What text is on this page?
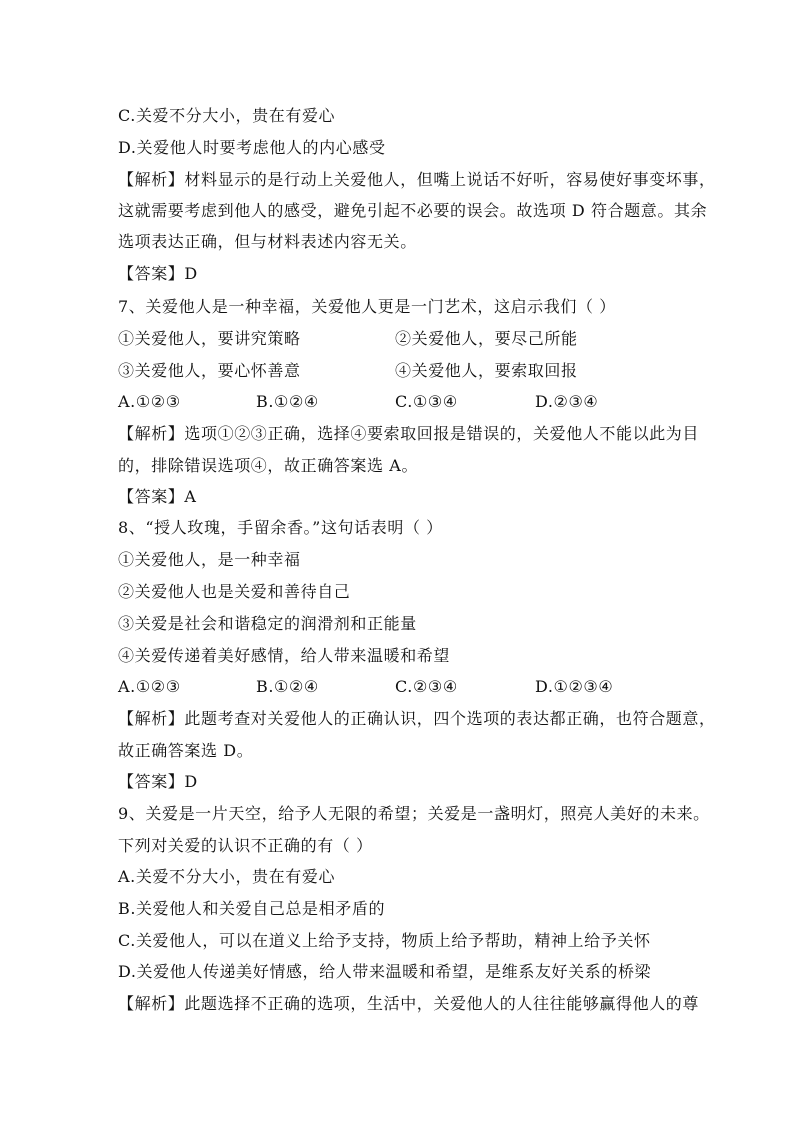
C.关爱不分大小，贵在有爱心
D.关爱他人时要考虑他人的内心感受
【解析】材料显示的是行动上关爱他人，但嘴上说话不好听，容易使好事变坏事，
这就需要考虑到他人的感受，避免引起不必要的误会。故选项 D 符合题意。其余
选项表达正确，但与材料表述内容无关。
【答案】D
7、关爱他人是一种幸福，关爱他人更是一门艺术，这启示我们（ ）
①关爱他人，要讲究策略	②关爱他人，要尽己所能
③关爱他人，要心怀善意	④关爱他人，要索取回报
A.①②③	B.①②④	C.①③④	D.②③④
【解析】选项①②③正确，选择④要索取回报是错误的，关爱他人不能以此为目
的，排除错误选项④，故正确答案选 A。
【答案】A
8、“授人玫瑰，手留余香。”这句话表明（ ）
①关爱他人，是一种幸福
②关爱他人也是关爱和善待自己
③关爱是社会和谐稳定的润滑剂和正能量
④关爱传递着美好感情，给人带来温暖和希望
A.①②③	B.①②④	C.②③④	D.①②③④
【解析】此题考查对关爱他人的正确认识，四个选项的表达都正确，也符合题意，
故正确答案选 D。
【答案】D
9、关爱是一片天空，给予人无限的希望；关爱是一盏明灯，照亮人美好的未来。
下列对关爱的认识不正确的有（ ）
A.关爱不分大小，贵在有爱心
B.关爱他人和关爱自己总是相矛盾的
C.关爱他人，可以在道义上给予支持，物质上给予帮助，精神上给予关怀
D.关爱他人传递美好情感，给人带来温暖和希望，是维系友好关系的桥梁
【解析】此题选择不正确的选项，生活中，关爱他人的人往往能够赢得他人的尊
